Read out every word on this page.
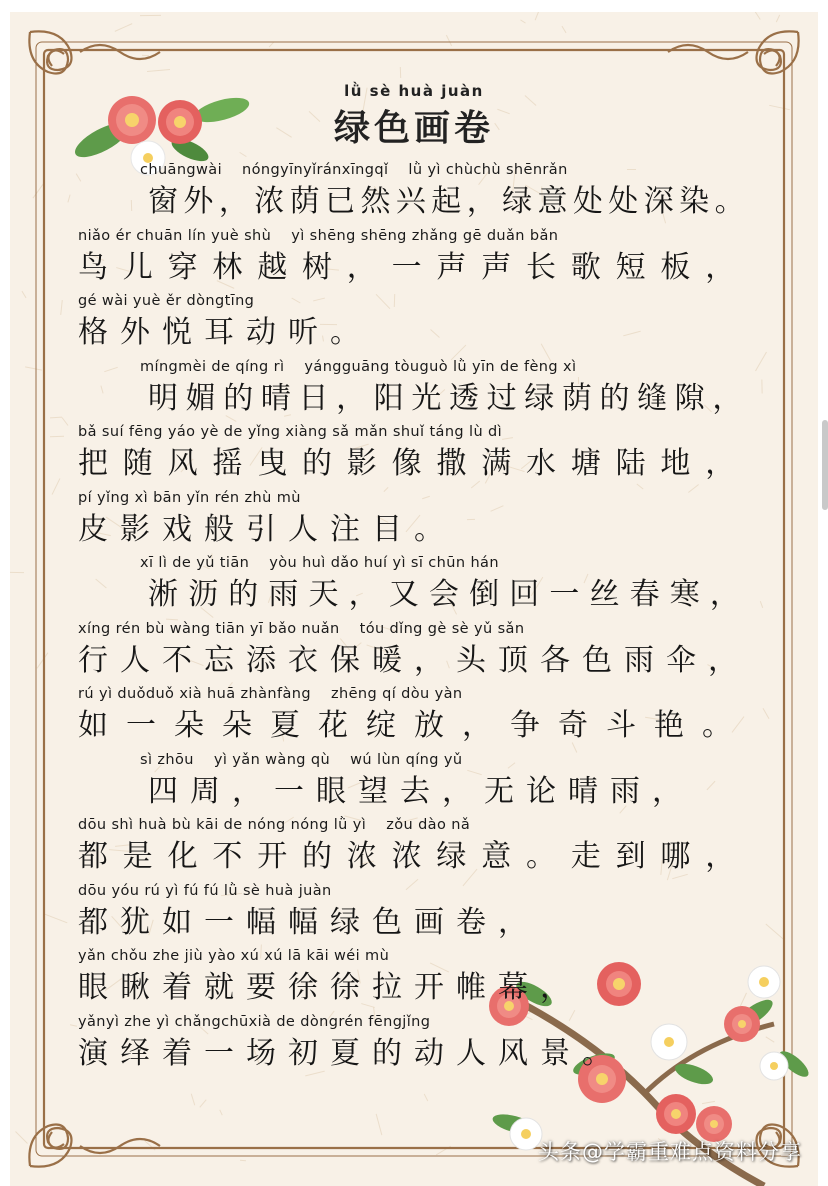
lǜ sè huà juàn
绿色画卷
chuāngwài    nóngyīnyǐránxīngqǐ    lǜ yì chùchù shēnrǎn
窗外，浓荫已然兴起，绿意处处深染。
niǎo ér chuān lín yuè shù    yì shēng shēng zhǎng gē duǎn bǎn
鸟儿穿林越树，一声声长歌短板，
gé wài yuè ěr dòngtīng
格外悦耳动听。
míngmèi de qíng rì    yángguāng tòuguò lǜ yīn de fèng xì
明媚的晴日，阳光透过绿荫的缝隙，
bǎ suí fēng yáo yè de yǐng xiàng sǎ mǎn shuǐ táng lù dì
把随风摇曳的影像撒满水塘陆地，
pí yǐng xì bān yǐn rén zhù mù
皮影戏般引人注目。
xī lì de yǔ tiān    yòu huì dǎo huí yì sī chūn hán
淅沥的雨天，又会倒回一丝春寒，
xíng rén bù wàng tiān yī bǎo nuǎn    tóu dǐng gè sè yǔ sǎn
行人不忘添衣保暖，头顶各色雨伞，
rú yì duǒduǒ xià huā zhànfàng    zhēng qí dòu yàn
如一朵朵夏花绽放，争奇斗艳。
sì zhōu    yì yǎn wàng qù    wú lùn qíng yǔ
四周，一眼望去，无论晴雨，
dōu shì huà bù kāi de nóng nóng lǜ yì    zǒu dào nǎ
都是化不开的浓浓绿意。走到哪，
dōu yóu rú yì fú fú lǜ sè huà juàn
都犹如一幅幅绿色画卷，
yǎn chǒu zhe jiù yào xú xú lā kāi wéi mù
眼瞅着就要徐徐拉开帷幕，
yǎnyì zhe yì chǎngchūxià de dòngrén fēngjǐng
演绎着一场初夏的动人风景。
头条@学霸重难点资料分享
